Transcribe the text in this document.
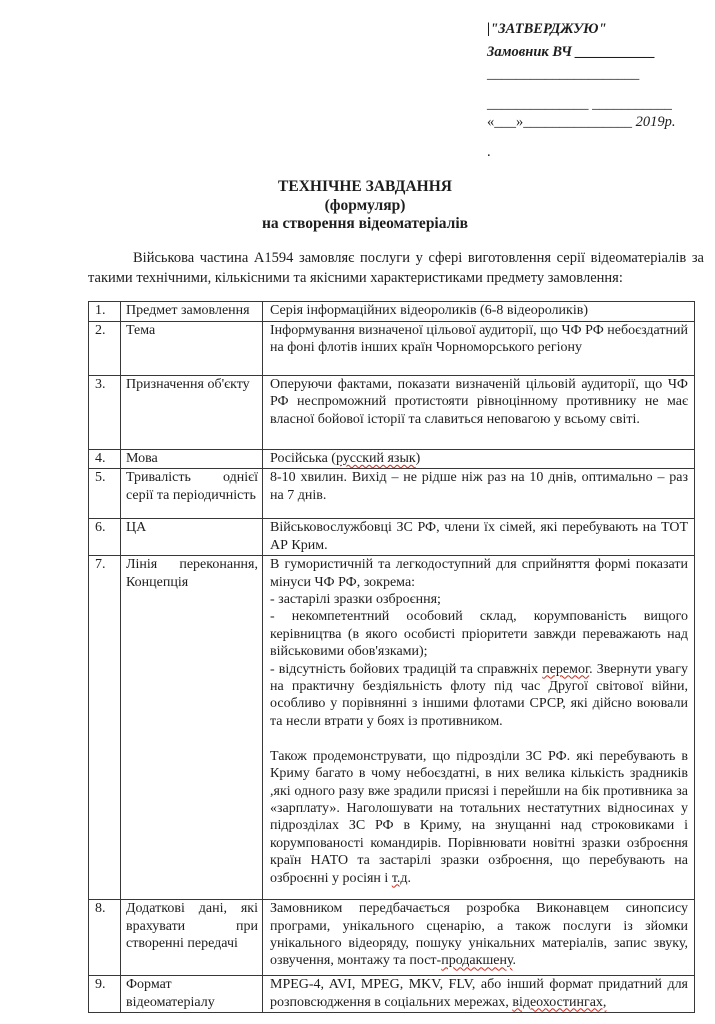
|"ЗАТВЕРДЖУЮ"
Замовник ВЧ ___________
_____________________
______________ ___________
«___»_______________ 2019р.
.
ТЕХНІЧНЕ ЗАВДАННЯ
(формуляр)
на створення відеоматеріалів
Військова частина А1594 замовляє послуги у сфері виготовлення серії відеоматеріалів за такими технічними, кількісними та якісними характеристиками предмету замовлення:
1.	Предмет замовлення	Серія інформаційних відеороликів (6-8 відеороликів)

2.	Тема	Інформування визначеної цільової аудиторії, що ЧФ РФ небоєздатний на фоні флотів інших країн Чорноморського регіону

3.	Призначення об'єкту	Оперуючи фактами, показати визначеній цільовій аудиторії, що ЧФ РФ неспроможний протистояти рівноцінному противнику не має власної бойової історії та славиться неповагою у всьому світі.

4.	Мова	Російська (русский язык)

5.	Тривалість однієї серії та періодичність	8-10 хвилин. Вихід – не рідше ніж раз на 10 днів, оптимально – раз на 7 днів.

6.	ЦА	Військовослужбовці ЗС РФ, члени їх сімей, які перебувають на ТОТ АР Крим.

7.	Лінія переконання, Концепція	В гумористичній та легкодоступний для сприйняття формі показати мінуси ЧФ РФ, зокрема:
- застарілі зразки озброєння;
- некомпетентний особовий склад, корумпованість вищого керівництва (в якого особисті пріоритети завжди переважають над військовими обов'язками);
- відсутність бойових традицій та справжніх перемог. Звернути увагу на практичну бездіяльність флоту під час Другої світової війни, особливо у порівнянні з іншими флотами СРСР, які дійсно воювали та несли втрати у боях із противником.

Також продемонструвати, що підрозділи ЗС РФ. які перебувають в Криму багато в чому небоєздатні, в них велика кількість зрадників ,які одного разу вже зрадили присязі і перейшли на бік противника за «зарплату». Наголошувати на тотальних нестатутних відносинах у підрозділах ЗС РФ в Криму, на знущанні над строковиками і корумпованості командирів. Порівнювати новітні зразки озброєння країн НАТО та застарілі зразки озброєння, що перебувають на озброєнні у росіян і т.д.

8.	Додаткові дані, які врахувати при створенні передачі	Замовником передбачається розробка Виконавцем синопсису програми, унікального сценарію, а також послуги із зйомки унікального відеоряду, пошуку унікальних матеріалів, запис звуку, озвучення, монтажу та пост-продакшену.

9.	Формат відеоматеріалу	MPEG-4, AVI, MPEG, MKV, FLV, або інший формат придатний для розповсюдження в соціальних мережах, відеохостингах,
